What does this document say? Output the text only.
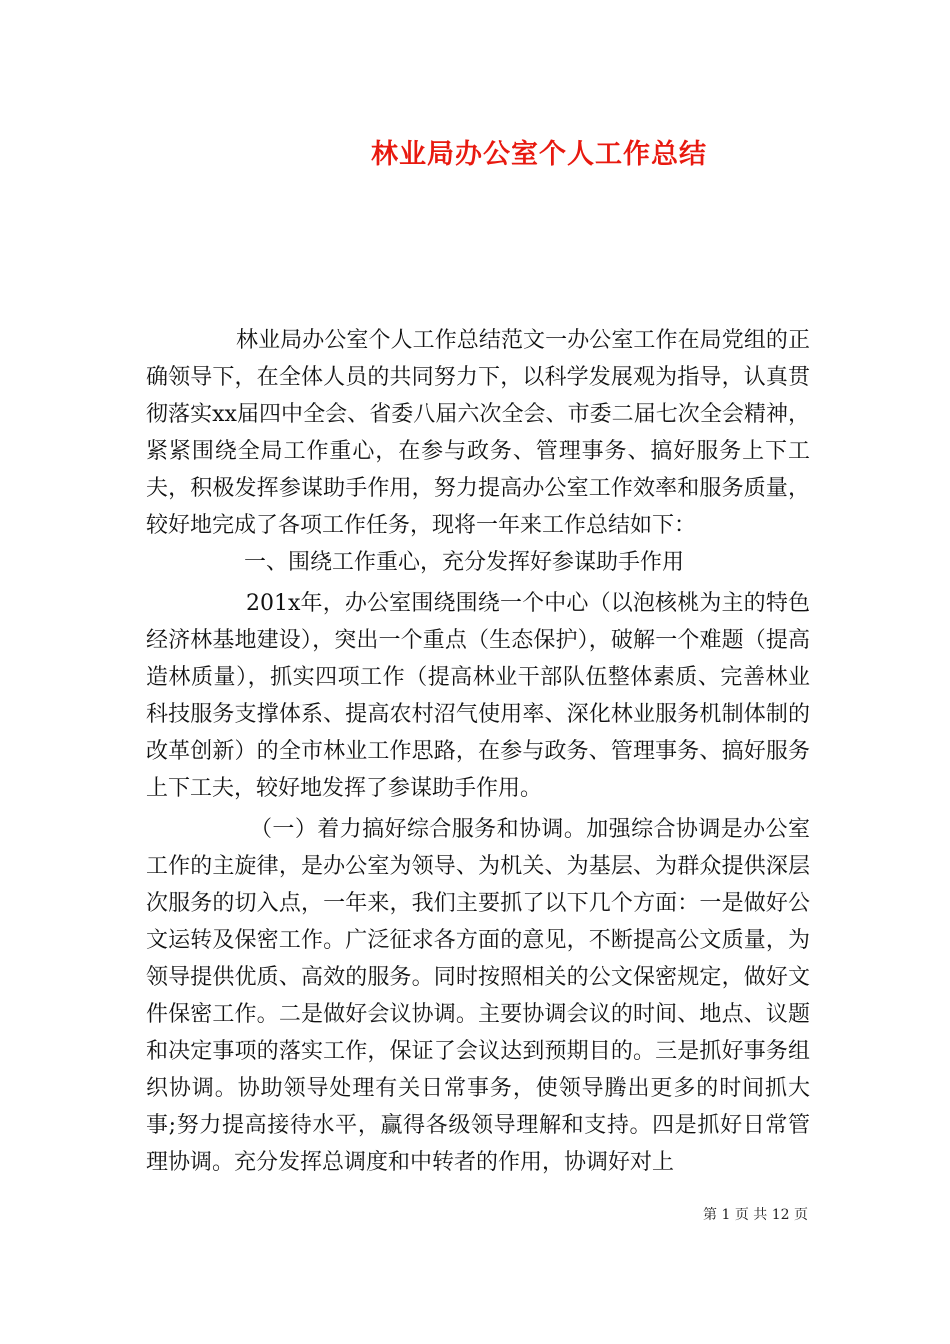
林业局办公室个人工作总结

林业局办公室个人工作总结范文一办公室工作在局党组的正确领导下，在全体人员的共同努力下，以科学发展观为指导，认真贯彻落实xx届四中全会、省委八届六次全会、市委二届七次全会精神，紧紧围绕全局工作重心，在参与政务、管理事务、搞好服务上下工夫，积极发挥参谋助手作用，努力提高办公室工作效率和服务质量，较好地完成了各项工作任务，现将一年来工作总结如下：

一、围绕工作重心，充分发挥好参谋助手作用

201x年，办公室围绕围绕一个中心（以泡核桃为主的特色经济林基地建设），突出一个重点（生态保护），破解一个难题（提高造林质量），抓实四项工作（提高林业干部队伍整体素质、完善林业科技服务支撑体系、提高农村沼气使用率、深化林业服务机制体制的改革创新）的全市林业工作思路，在参与政务、管理事务、搞好服务上下工夫，较好地发挥了参谋助手作用。

（一）着力搞好综合服务和协调。加强综合协调是办公室工作的主旋律，是办公室为领导、为机关、为基层、为群众提供深层次服务的切入点，一年来，我们主要抓了以下几个方面：一是做好公文运转及保密工作。广泛征求各方面的意见，不断提高公文质量，为领导提供优质、高效的服务。同时按照相关的公文保密规定，做好文件保密工作。二是做好会议协调。主要协调会议的时间、地点、议题和决定事项的落实工作，保证了会议达到预期目的。三是抓好事务组织协调。协助领导处理有关日常事务，使领导腾出更多的时间抓大事;努力提高接待水平，赢得各级领导理解和支持。四是抓好日常管理协调。充分发挥总调度和中转者的作用，协调好对上

第 1 页 共 12 页
